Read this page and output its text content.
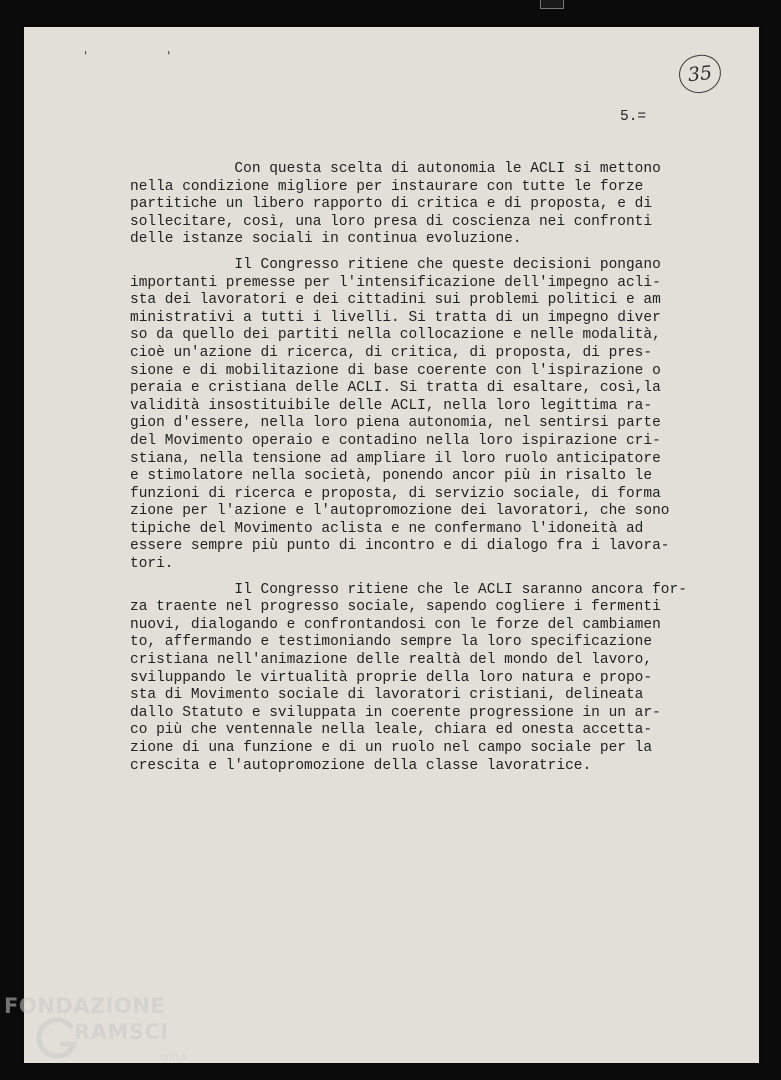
' '
35
5.=
Con questa scelta di autonomia le ACLI si mettono
nella condizione migliore per instaurare con tutte le forze
partitiche un libero rapporto di critica e di proposta, e di
sollecitare, così, una loro presa di coscienza nei confronti
delle istanze sociali in continua evoluzione.
Il Congresso ritiene che queste decisioni pongano
importanti premesse per l'intensificazione dell'impegno acli-
sta dei lavoratori e dei cittadini sui problemi politici e am
ministrativi a tutti i livelli. Si tratta di un impegno diver
so da quello dei partiti nella collocazione e nelle modalità,
cioè un'azione di ricerca, di critica, di proposta, di pres-
sione e di mobilitazione di base coerente con l'ispirazione o
peraia e cristiana delle ACLI. Si tratta di esaltare, così,la
validità insostituibile delle ACLI, nella loro legittima ra-
gion d'essere, nella loro piena autonomia, nel sentirsi parte
del Movimento operaio e contadino nella loro ispirazione cri-
stiana, nella tensione ad ampliare il loro ruolo anticipatore
e stimolatore nella società, ponendo ancor più in risalto le
funzioni di ricerca e proposta, di servizio sociale, di forma
zione per l'azione e l'autopromozione dei lavoratori, che sono
tipiche del Movimento aclista e ne confermano l'idoneità ad
essere sempre più punto di incontro e di dialogo fra i lavora-
tori.
Il Congresso ritiene che le ACLI saranno ancora for-
za traente nel progresso sociale, sapendo cogliere i fermenti
nuovi, dialogando e confrontandosi con le forze del cambiamen
to, affermando e testimoniando sempre la loro specificazione
cristiana nell'animazione delle realtà del mondo del lavoro,
sviluppando le virtualità proprie della loro natura e propo-
sta di Movimento sociale di lavoratori cristiani, delineata
dallo Statuto e sviluppata in coerente progressione in un ar-
co più che ventennale nella leale, chiara ed onesta accetta-
zione di una funzione e di un ruolo nel campo sociale per la
crescita e l'autopromozione della classe lavoratrice.
FONDAZIONE
RAMSCI
onlus
